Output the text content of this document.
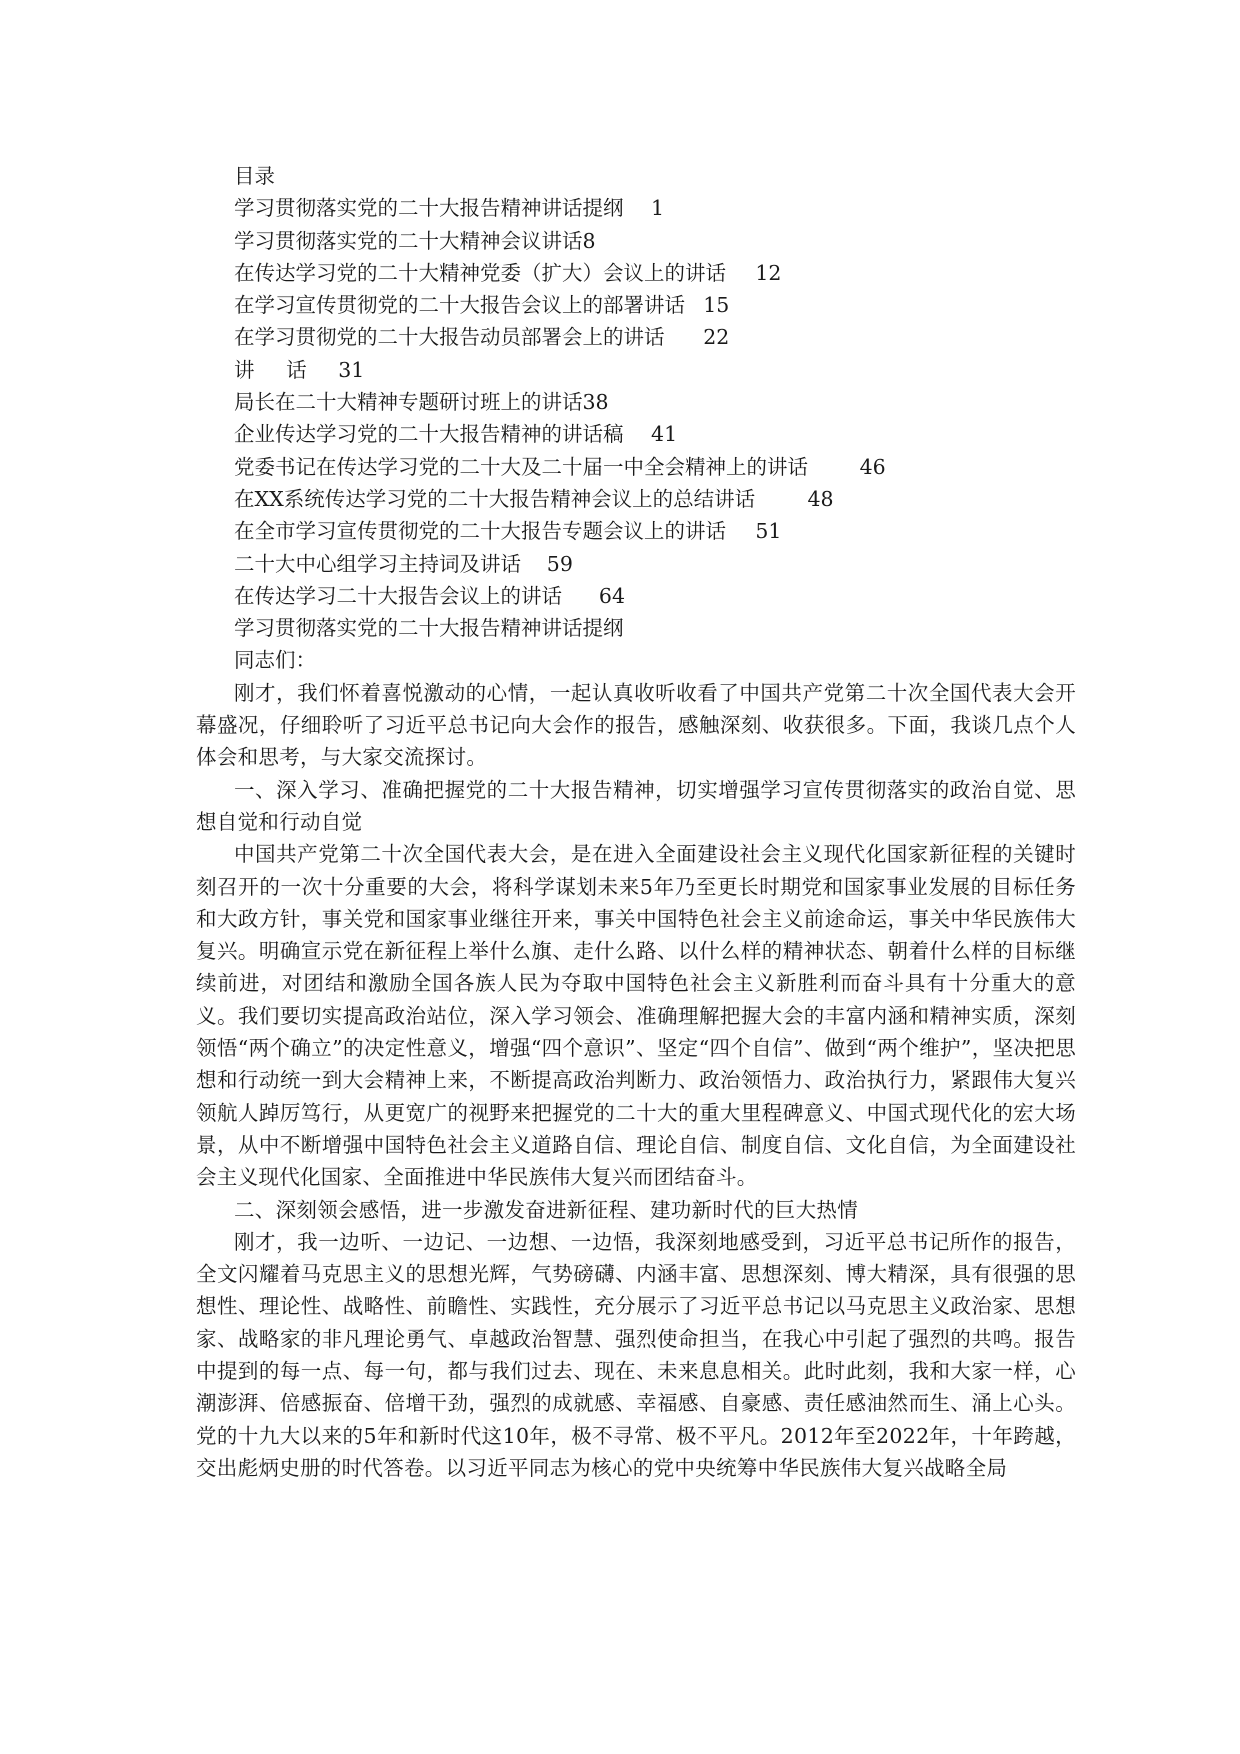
目录
学习贯彻落实党的二十大报告精神讲话提纲	1
学习贯彻落实党的二十大精神会议讲话8
在传达学习党的二十大精神党委（扩大）会议上的讲话	12
在学习宣传贯彻党的二十大报告会议上的部署讲话	15
在学习贯彻党的二十大报告动员部署会上的讲话	22
讲	话	31
局长在二十大精神专题研讨班上的讲话38
企业传达学习党的二十大报告精神的讲话稿	41
党委书记在传达学习党的二十大及二十届一中全会精神上的讲话	46
在XX系统传达学习党的二十大报告精神会议上的总结讲话	48
在全市学习宣传贯彻党的二十大报告专题会议上的讲话	51
二十大中心组学习主持词及讲话	59
在传达学习二十大报告会议上的讲话	64
学习贯彻落实党的二十大报告精神讲话提纲
同志们：

刚才，我们怀着喜悦激动的心情，一起认真收听收看了中国共产党第二十次全国代表大会开幕盛况，仔细聆听了习近平总书记向大会作的报告，感触深刻、收获很多。下面，我谈几点个人体会和思考，与大家交流探讨。

一、深入学习、准确把握党的二十大报告精神，切实增强学习宣传贯彻落实的政治自觉、思想自觉和行动自觉

中国共产党第二十次全国代表大会，是在进入全面建设社会主义现代化国家新征程的关键时刻召开的一次十分重要的大会，将科学谋划未来5年乃至更长时期党和国家事业发展的目标任务和大政方针，事关党和国家事业继往开来，事关中国特色社会主义前途命运，事关中华民族伟大复兴。明确宣示党在新征程上举什么旗、走什么路、以什么样的精神状态、朝着什么样的目标继续前进，对团结和激励全国各族人民为夺取中国特色社会主义新胜利而奋斗具有十分重大的意义。我们要切实提高政治站位，深入学习领会、准确理解把握大会的丰富内涵和精神实质，深刻领悟“两个确立”的决定性意义，增强“四个意识”、坚定“四个自信”、做到“两个维护”，坚决把思想和行动统一到大会精神上来，不断提高政治判断力、政治领悟力、政治执行力，紧跟伟大复兴领航人踔厉笃行，从更宽广的视野来把握党的二十大的重大里程碑意义、中国式现代化的宏大场景，从中不断增强中国特色社会主义道路自信、理论自信、制度自信、文化自信，为全面建设社会主义现代化国家、全面推进中华民族伟大复兴而团结奋斗。

二、深刻领会感悟，进一步激发奋进新征程、建功新时代的巨大热情

刚才，我一边听、一边记、一边想、一边悟，我深刻地感受到，习近平总书记所作的报告，全文闪耀着马克思主义的思想光辉，气势磅礴、内涵丰富、思想深刻、博大精深，具有很强的思想性、理论性、战略性、前瞻性、实践性，充分展示了习近平总书记以马克思主义政治家、思想家、战略家的非凡理论勇气、卓越政治智慧、强烈使命担当，在我心中引起了强烈的共鸣。报告中提到的每一点、每一句，都与我们过去、现在、未来息息相关。此时此刻，我和大家一样，心潮澎湃、倍感振奋、倍增干劲，强烈的成就感、幸福感、自豪感、责任感油然而生、涌上心头。党的十九大以来的5年和新时代这10年，极不寻常、极不平凡。2012年至2022年，十年跨越，交出彪炳史册的时代答卷。以习近平同志为核心的党中央统筹中华民族伟大复兴战略全局
